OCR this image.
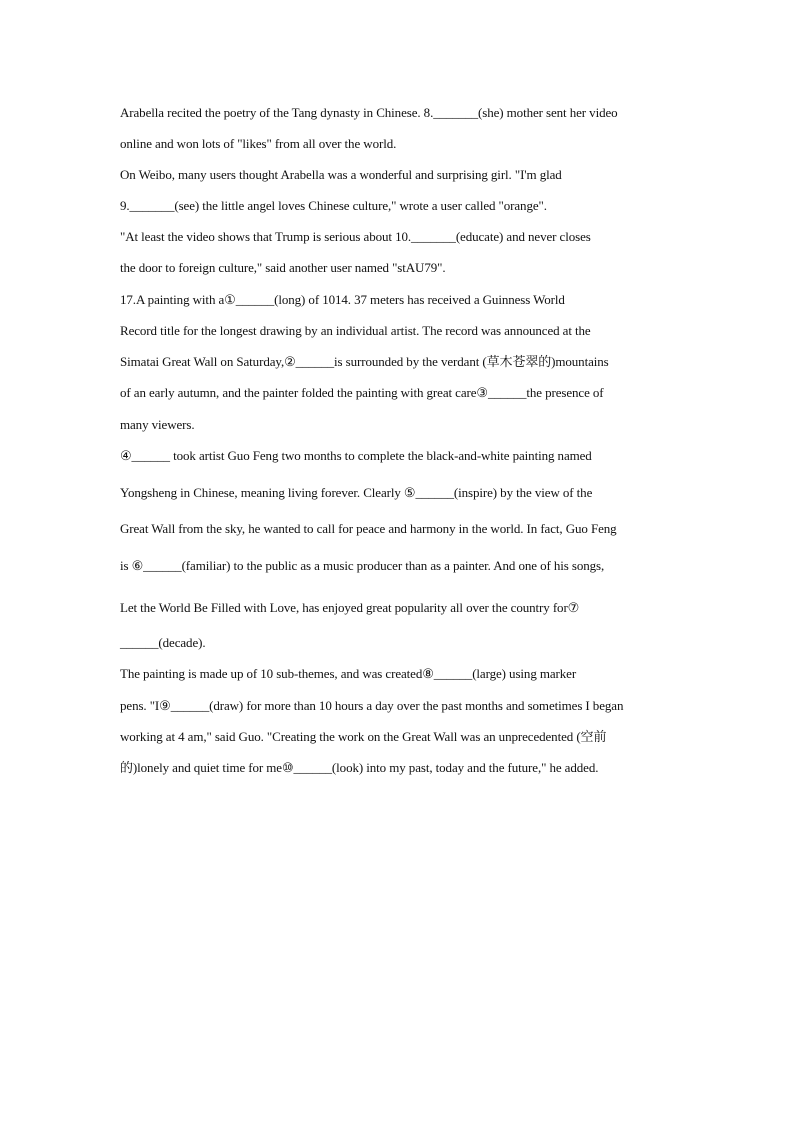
Arabella recited the poetry of the Tang dynasty in Chinese. 8._______(she) mother sent her video
online and won lots of "likes" from all over the world.
On Weibo, many users thought Arabella was a wonderful and surprising girl. "I'm glad
9._______(see) the little angel loves Chinese culture," wrote a user called "orange".
"At least the video shows that Trump is serious about 10._______(educate) and never closes
the door to foreign culture," said another user named "stAU79".
17.A painting with a①______(long) of 1014. 37 meters has received a Guinness World
Record title for the longest drawing by an individual artist. The record was announced at the
Simatai Great Wall on Saturday,②______is surrounded by the verdant (草木苍翠的)mountains
of an early autumn, and the painter folded the painting with great care③______the presence of
many viewers.
④______ took artist Guo Feng two months to complete the black-and-white painting named
Yongsheng in Chinese, meaning living forever. Clearly ⑤______(inspire) by the view of the
Great Wall from the sky, he wanted to call for peace and harmony in the world. In fact, Guo Feng
is ⑥______(familiar) to the public as a music producer than as a painter. And one of his songs,
Let the World Be Filled with Love, has enjoyed great popularity all over the country for⑦
______(decade).
The painting is made up of 10 sub-themes, and was created⑧______(large) using marker
pens. "I⑨______(draw) for more than 10 hours a day over the past months and sometimes I began
working at 4 am," said Guo. "Creating the work on the Great Wall was an unprecedented (空前
的)lonely and quiet time for me⑩______(look) into my past, today and the future," he added.
